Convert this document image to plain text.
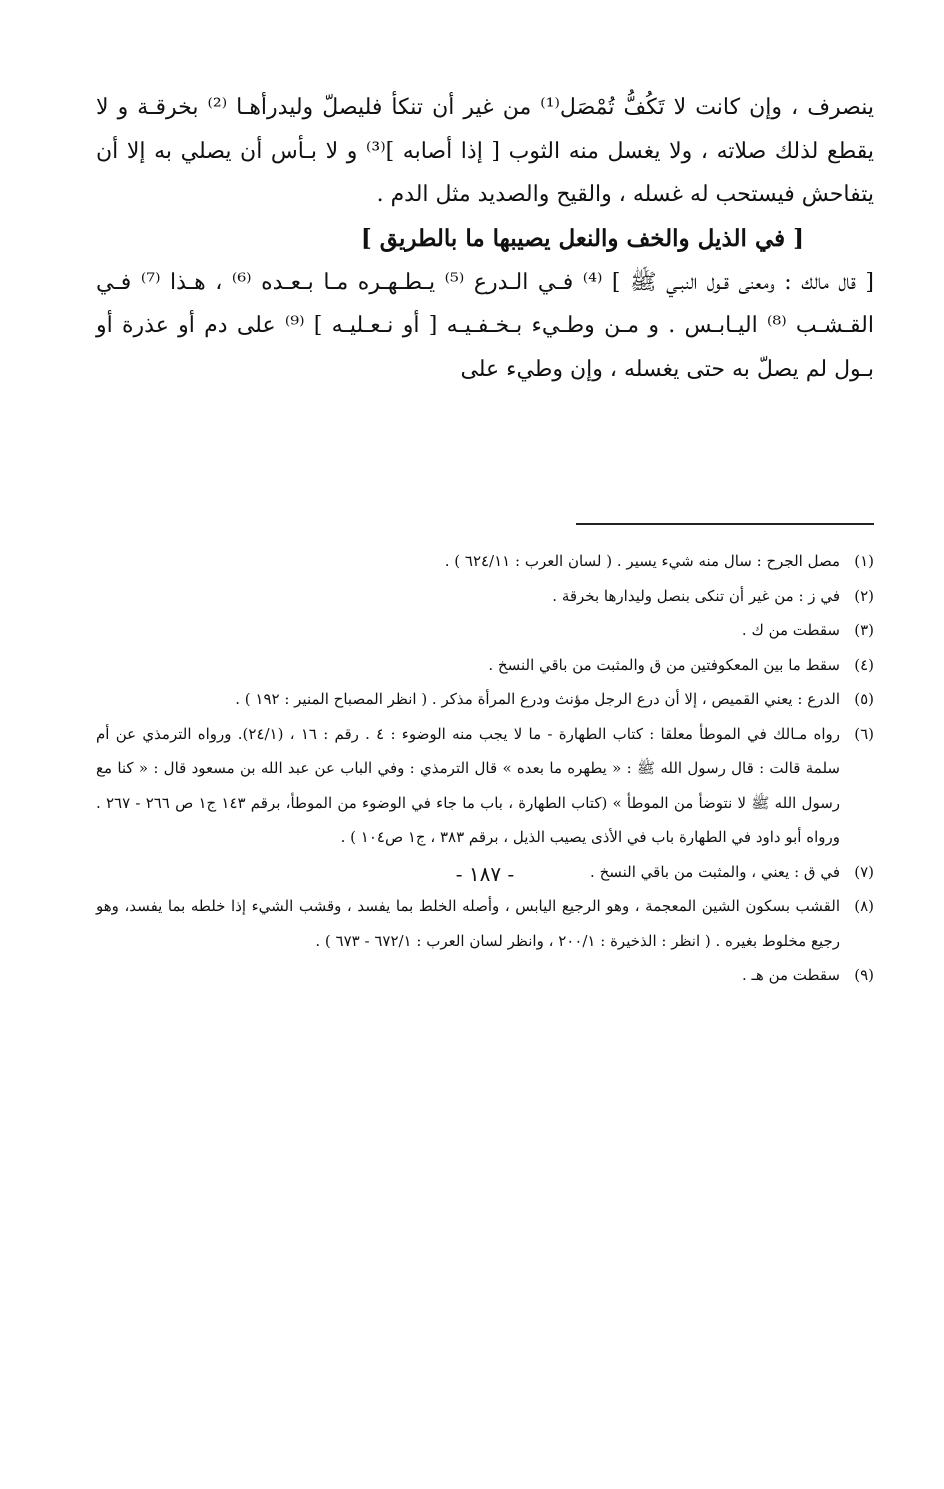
ينصرف ، وإن كانت لا تَكُفُّ تُمْصَل⁽¹⁾ من غير أن تنكأ فليصلّ وليدرأهـا ⁽²⁾ بخرقـة و لا يقطع لذلك صلاته ، ولا يغسل منه الثوب [ إذا أصابه ]⁽³⁾ و لا بـأس أن يصلي به إلا أن يتفاحش فيستحب له غسله ، والقيح والصديد مثل الدم .

[ في الذيل والخف والنعل يصيبها ما بالطريق ]

[ قال مالك : ومعنى قـول النبـي ﷺ ] ⁽⁴⁾ فـي الـدرع ⁽⁵⁾ يـطـهـره مـا بـعـده ⁽⁶⁾ ، هـذا ⁽⁷⁾ فـي القـشـب ⁽⁸⁾ اليـابـس . و مـن وطـيء بـخـفـيـه [ أو نـعـليـه ] ⁽⁹⁾ على دم أو عذرة أو بـول لم يصلّ به حتى يغسله ، وإن وطيء على

(١)
مصل الجرح : سال منه شيء يسير . ( لسان العرب : ٦٢٤/١١ ) .
(٢)
في ز : من غير أن تنكى بنصل وليدارها بخرقة .
(٣)
سقطت من ك .
(٤)
سقط ما بين المعكوفتين من ق والمثبت من باقي النسخ .
(٥)
الدرع : يعني القميص ، إلا أن درع الرجل مؤنث ودرع المرأة مذكر . ( انظر المصباح المنير : ١٩٢ ) .
(٦)
رواه مـالك في الموطأ معلقا : كتاب الطهارة - ما لا يجب منه الوضوء : ٤ . رقم : ١٦ ، (٢٤/١). ورواه الترمذي عن أم سلمة قالت : قال رسول الله ﷺ : « يطهره ما بعده » قال الترمذي : وفي الباب عن عبد الله بن مسعود قال : « كنا مع رسول الله ﷺ لا نتوضأ من الموطأ » (كتاب الطهارة ، باب ما جاء في الوضوء من الموطأ، برقم ١٤٣ ج١ ص ٢٦٦ - ٢٦٧ . ورواه أبو داود في الطهارة باب في الأذى يصيب الذيل ، برقم ٣٨٣ ، ج١ ص١٠٤ ) .
(٧)
في ق : يعني ، والمثبت من باقي النسخ .
(٨)
القشب بسكون الشين المعجمة ، وهو الرجيع اليابس ، وأصله الخلط بما يفسد ، وقشب الشيء إذا خلطه بما يفسد، وهو رجيع مخلوط بغيره . ( انظر : الذخيرة : ٢٠٠/١ ، وانظر لسان العرب : ٦٧٢/١ - ٦٧٣ ) .
(٩)
سقطت من هـ .
- ١٨٧ -
